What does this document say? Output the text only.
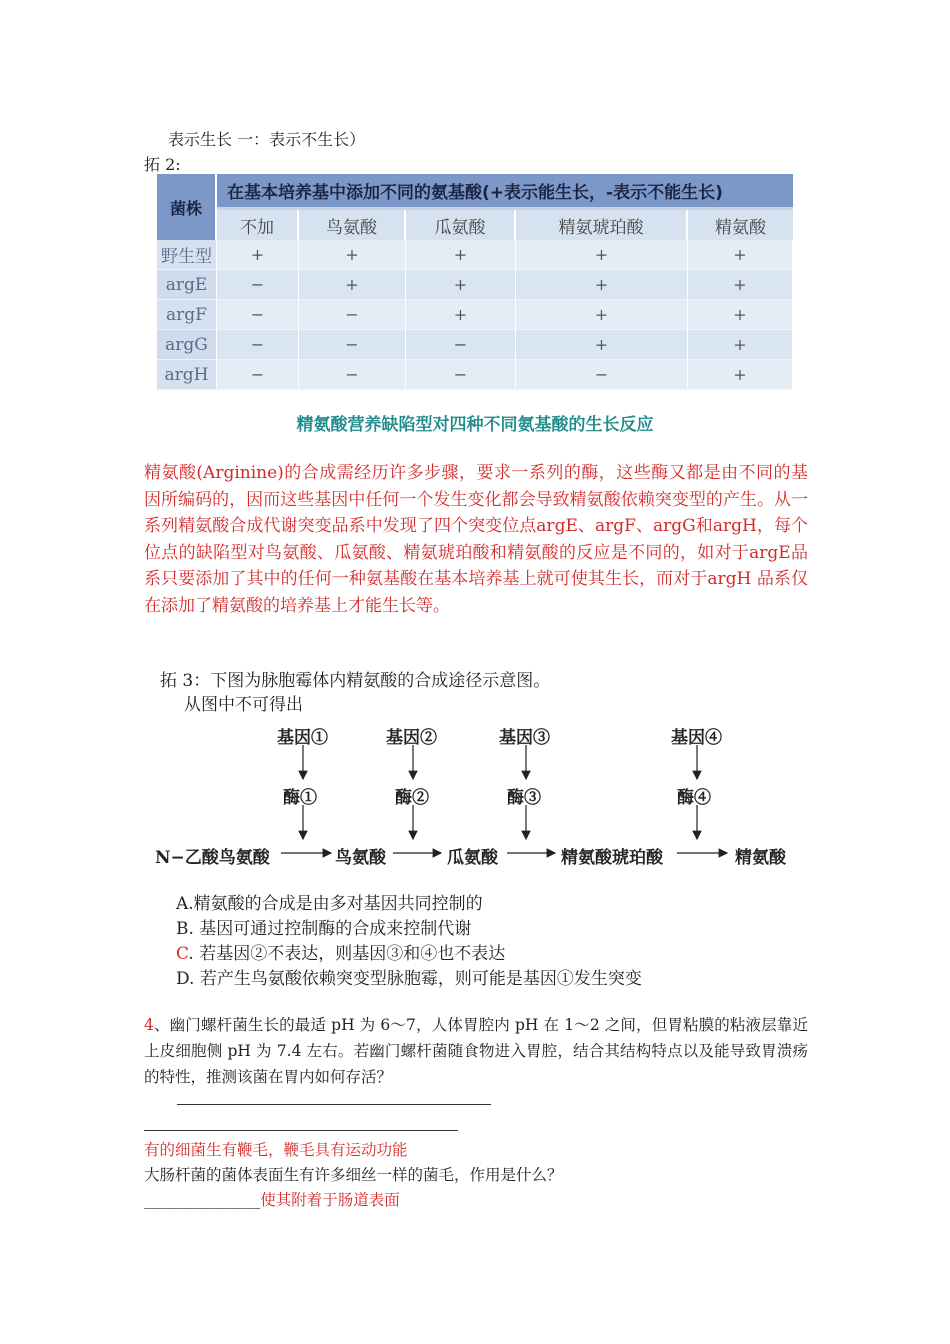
表示生长 一：表示不生长）
拓 2:
菌株	在基本培养基中添加不同的氨基酸(+表示能生长，-表示不能生长)				
	不加	鸟氨酸	瓜氨酸	精氨琥珀酸	精氨酸
野生型	+	+	+	+	+
argE	−	+	+	+	+
argF	−	−	+	+	+
argG	−	−	−	+	+
argH	−	−	−	−	+
精氨酸营养缺陷型对四种不同氨基酸的生长反应
精氨酸(Arginine)的合成需经历许多步骤，要求一系列的酶，这些酶又都是由不同的基因所编码的，因而这些基因中任何一个发生变化都会导致精氨酸依赖突变型的产生。从一系列精氨酸合成代谢突变品系中发现了四个突变位点argE、argF、argG和argH，每个位点的缺陷型对鸟氨酸、瓜氨酸、精氨琥珀酸和精氨酸的反应是不同的，如对于argE品系只要添加了其中的任何一种氨基酸在基本培养基上就可使其生长，而对于argH 品系仅在添加了精氨酸的培养基上才能生长等。
拓 3：下图为脉胞霉体内精氨酸的合成途径示意图。
从图中不可得出
基因①	基因②	基因③	基因④
酶①	酶②	酶③	酶④
N−乙酸鸟氨酸	鸟氨酸	瓜氨酸	精氨酸琥珀酸	精氨酸
A.精氨酸的合成是由多对基因共同控制的
B. 基因可通过控制酶的合成来控制代谢
C. 若基因②不表达，则基因③和④也不表达
D. 若产生鸟氨酸依赖突变型脉胞霉，则可能是基因①发生突变
4、幽门螺杆菌生长的最适 pH 为 6～7，人体胃腔内 pH 在 1～2 之间，但胃粘膜的粘液层靠近上皮细胞侧 pH 为 7.4 左右。若幽门螺杆菌随食物进入胃腔，结合其结构特点以及能导致胃溃疡的特性，推测该菌在胃内如何存活？
有的细菌生有鞭毛，鞭毛具有运动功能
大肠杆菌的菌体表面生有许多细丝一样的菌毛，作用是什么？
_______________使其附着于肠道表面
